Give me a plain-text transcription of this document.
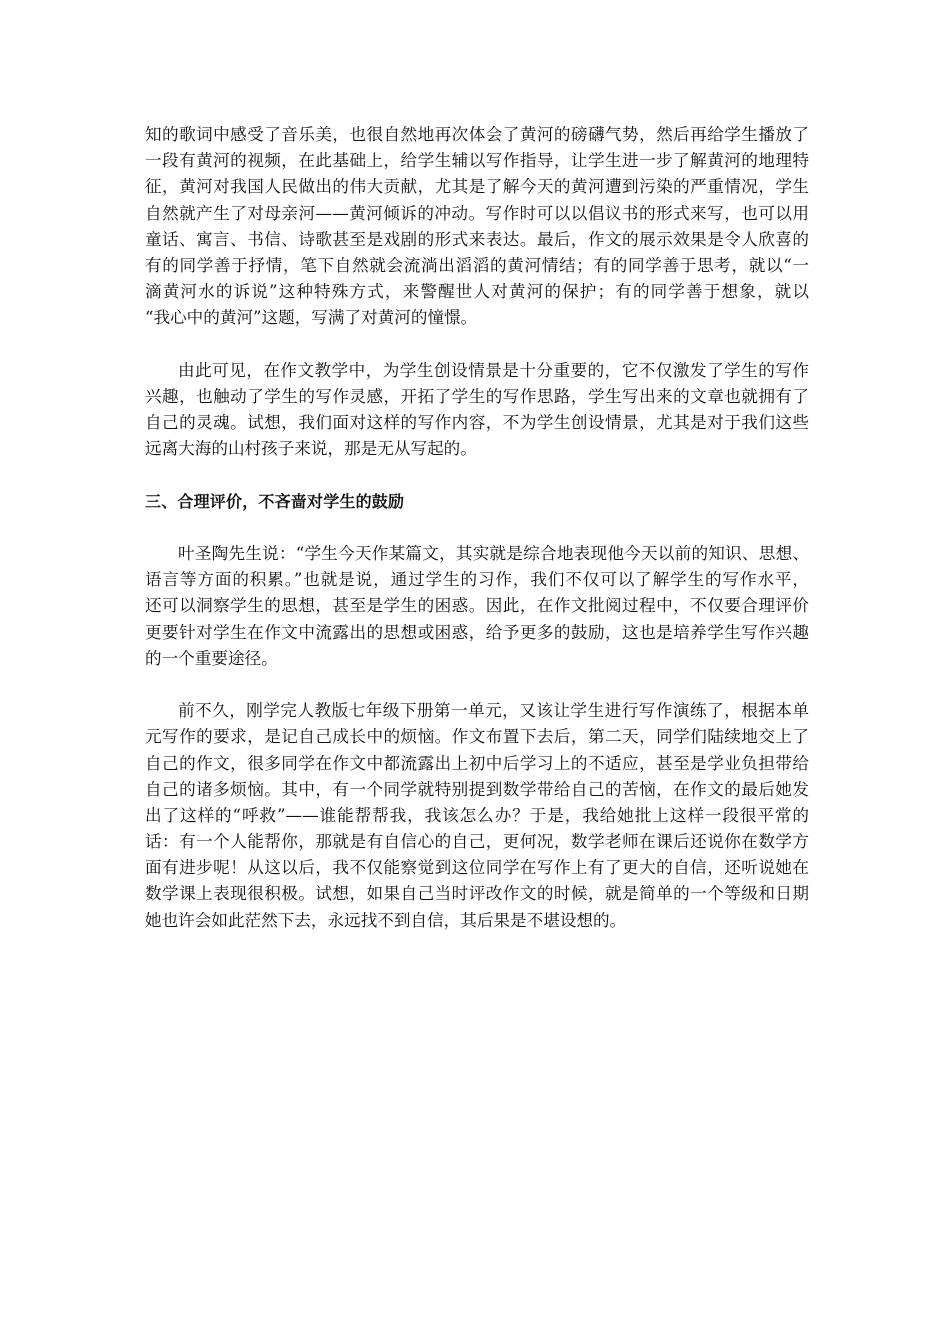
知的歌词中感受了音乐美，也很自然地再次体会了黄河的磅礴气势，然后再给学生播放了
一段有黄河的视频，在此基础上，给学生辅以写作指导，让学生进一步了解黄河的地理特
征，黄河对我国人民做出的伟大贡献，尤其是了解今天的黄河遭到污染的严重情况，学生
自然就产生了对母亲河——黄河倾诉的冲动。写作时可以以倡议书的形式来写，也可以用
童话、寓言、书信、诗歌甚至是戏剧的形式来表达。最后，作文的展示效果是令人欣喜的
有的同学善于抒情，笔下自然就会流淌出滔滔的黄河情结；有的同学善于思考，就以“一
滴黄河水的诉说”这种特殊方式，来警醒世人对黄河的保护；有的同学善于想象，就以
“我心中的黄河”这题，写满了对黄河的憧憬。
由此可见，在作文教学中，为学生创设情景是十分重要的，它不仅激发了学生的写作
兴趣，也触动了学生的写作灵感，开拓了学生的写作思路，学生写出来的文章也就拥有了
自己的灵魂。试想，我们面对这样的写作内容，不为学生创设情景，尤其是对于我们这些
远离大海的山村孩子来说，那是无从写起的。
三、合理评价，不吝啬对学生的鼓励
叶圣陶先生说：“学生今天作某篇文，其实就是综合地表现他今天以前的知识、思想、
语言等方面的积累。”也就是说，通过学生的习作，我们不仅可以了解学生的写作水平，
还可以洞察学生的思想，甚至是学生的困惑。因此，在作文批阅过程中，不仅要合理评价
更要针对学生在作文中流露出的思想或困惑，给予更多的鼓励，这也是培养学生写作兴趣
的一个重要途径。
前不久，刚学完人教版七年级下册第一单元，又该让学生进行写作演练了，根据本单
元写作的要求，是记自己成长中的烦恼。作文布置下去后，第二天，同学们陆续地交上了
自己的作文，很多同学在作文中都流露出上初中后学习上的不适应，甚至是学业负担带给
自己的诸多烦恼。其中，有一个同学就特别提到数学带给自己的苦恼，在作文的最后她发
出了这样的“呼救”——谁能帮帮我，我该怎么办？于是，我给她批上这样一段很平常的
话：有一个人能帮你，那就是有自信心的自己，更何况，数学老师在课后还说你在数学方
面有进步呢！从这以后，我不仅能察觉到这位同学在写作上有了更大的自信，还听说她在
数学课上表现很积极。试想，如果自己当时评改作文的时候，就是简单的一个等级和日期
她也许会如此茫然下去，永远找不到自信，其后果是不堪设想的。
